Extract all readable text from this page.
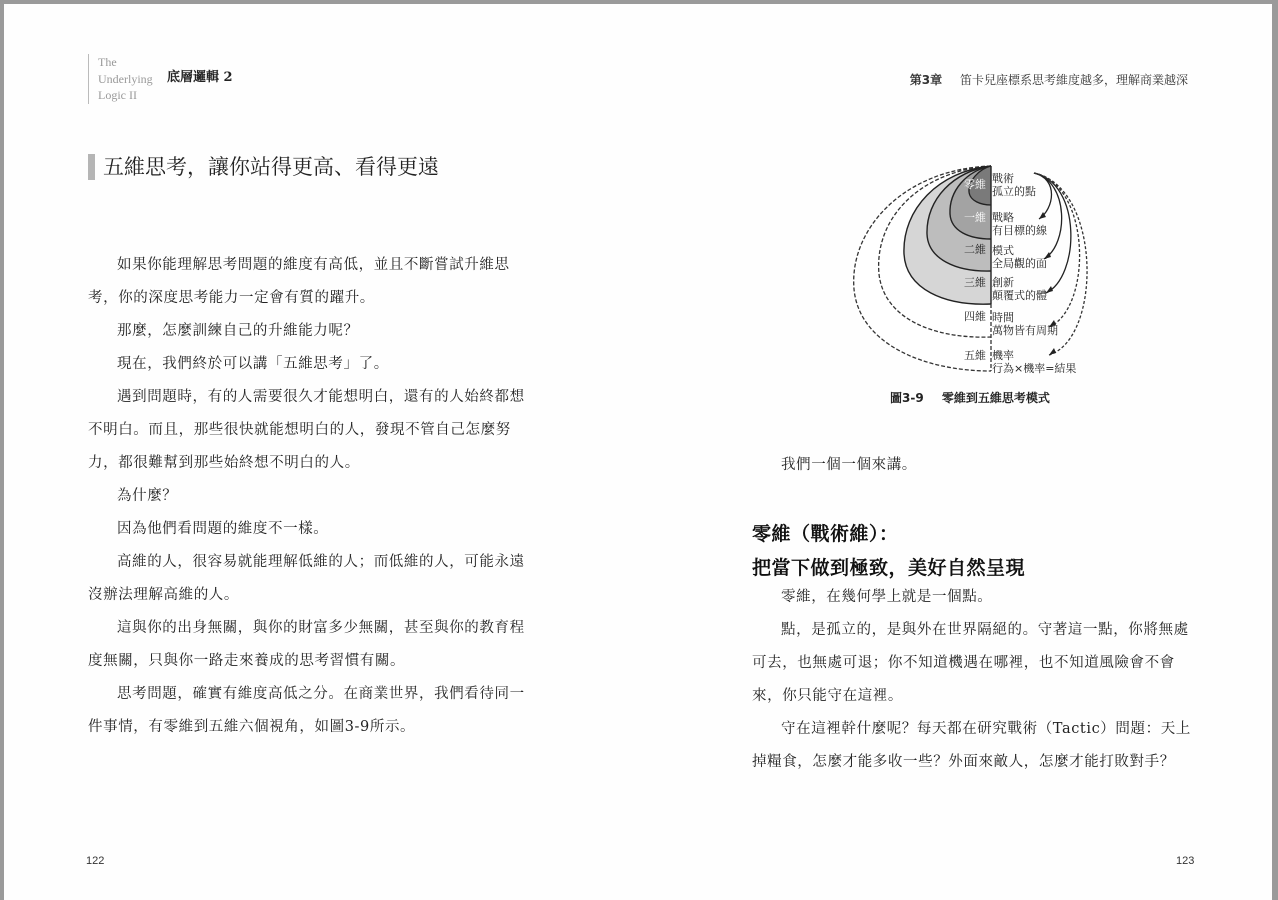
The
Underlying
Logic II
底層邏輯 2	第3章 笛卡兒座標系思考維度越多，理解商業越深
五維思考，讓你站得更高、看得更遠

如果你能理解思考問題的維度有高低，並且不斷嘗試升維思考，你的深度思考能力一定會有質的躍升。

那麼，怎麼訓練自己的升維能力呢？

現在，我們終於可以講「五維思考」了。

遇到問題時，有的人需要很久才能想明白，還有的人始終都想不明白。而且，那些很快就能想明白的人，發現不管自己怎麼努力，都很難幫到那些始終想不明白的人。

為什麼？

因為他們看問題的維度不一樣。

高維的人，很容易就能理解低維的人；而低維的人，可能永遠沒辦法理解高維的人。

這與你的出身無關，與你的財富多少無關，甚至與你的教育程度無關，只與你一路走來養成的思考習慣有關。

思考問題，確實有維度高低之分。在商業世界，我們看待同一件事情，有零維到五維六個視角，如圖3-9所示。

122
零維
一維
二維
三維
四維
五維
戰術
孤立的點
戰略
有目標的線
模式
全局觀的面
創新
顛覆式的體
時間
萬物皆有周期
機率
行為×機率=結果
圖3-9 零維到五維思考模式

我們一個一個來講。

零維（戰術維）：
把當下做到極致，美好自然呈現

零維，在幾何學上就是一個點。

點，是孤立的，是與外在世界隔絕的。守著這一點，你將無處可去，也無處可退；你不知道機遇在哪裡，也不知道風險會不會來，你只能守在這裡。

守在這裡幹什麼呢？每天都在研究戰術（Tactic）問題：天上掉糧食，怎麼才能多收一些？外面來敵人，怎麼才能打敗對手？

123
